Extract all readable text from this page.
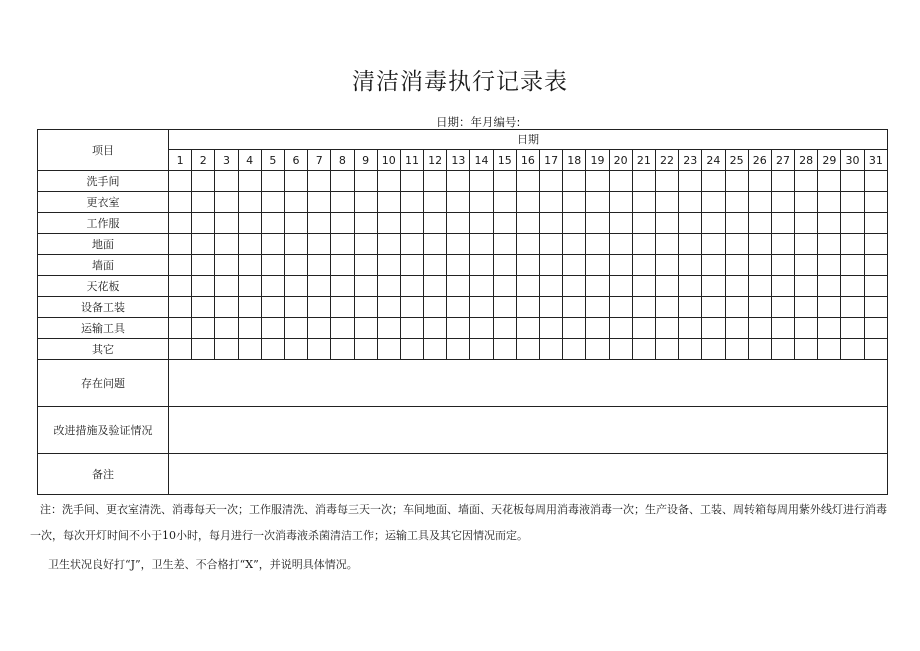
清洁消毒执行记录表
日期：年月编号:
项目	日期																														
	1	2	3	4	5	6	7	8	9	10	11	12	13	14	15	16	17	18	19	20	21	22	23	24	25	26	27	28	29	30	31
洗手间																															
更衣室																															
工作服																															
地面																															
墙面																															
天花板																															
设备工装																															
运输工具																															
其它																															
存在问题																															
改进措施及验证情况																															
备注																															

注：洗手间、更衣室清洗、消毒每天一次；工作服清洗、消毒每三天一次；车间地面、墙面、天花板每周用消毒液消毒一次；生产设备、工装、周转箱每周用紫外线灯进行消毒一次，每次开灯时间不小于10小时，每月进行一次消毒液杀菌清洁工作；运输工具及其它因情况而定。

卫生状况良好打“J”，卫生差、不合格打“X”，并说明具体情况。
